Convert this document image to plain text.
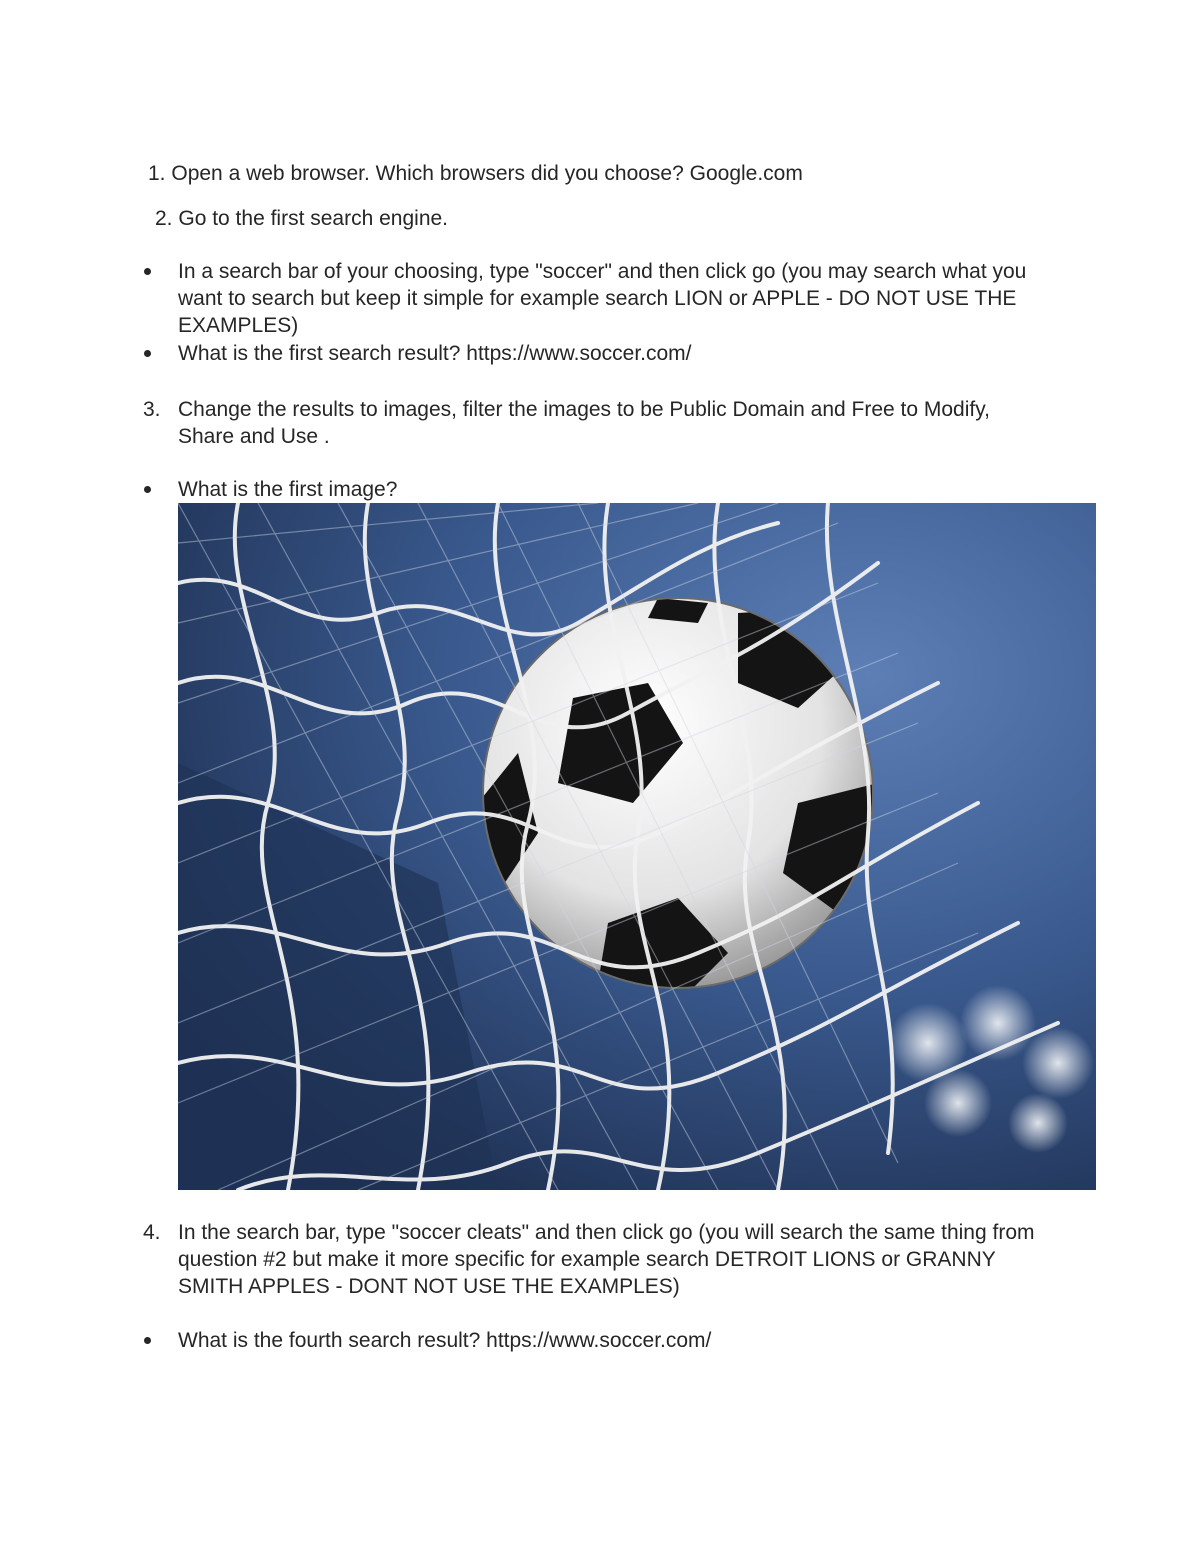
1. Open a web browser. Which browsers did you choose? Google.com
2. Go to the first search engine.
In a search bar of your choosing, type "soccer" and then click go (you may search what you want to search but keep it simple for example search LION or APPLE - DO NOT USE THE EXAMPLES)
What is the first search result? https://www.soccer.com/
3. Change the results to images, filter the images to be Public Domain and Free to Modify, Share and Use .
What is the first image?
4. In the search bar, type "soccer cleats" and then click go (you will search the same thing from question #2 but make it more specific for example search DETROIT LIONS or GRANNY SMITH APPLES - DONT NOT USE THE EXAMPLES)
What is the fourth search result? https://www.soccer.com/
